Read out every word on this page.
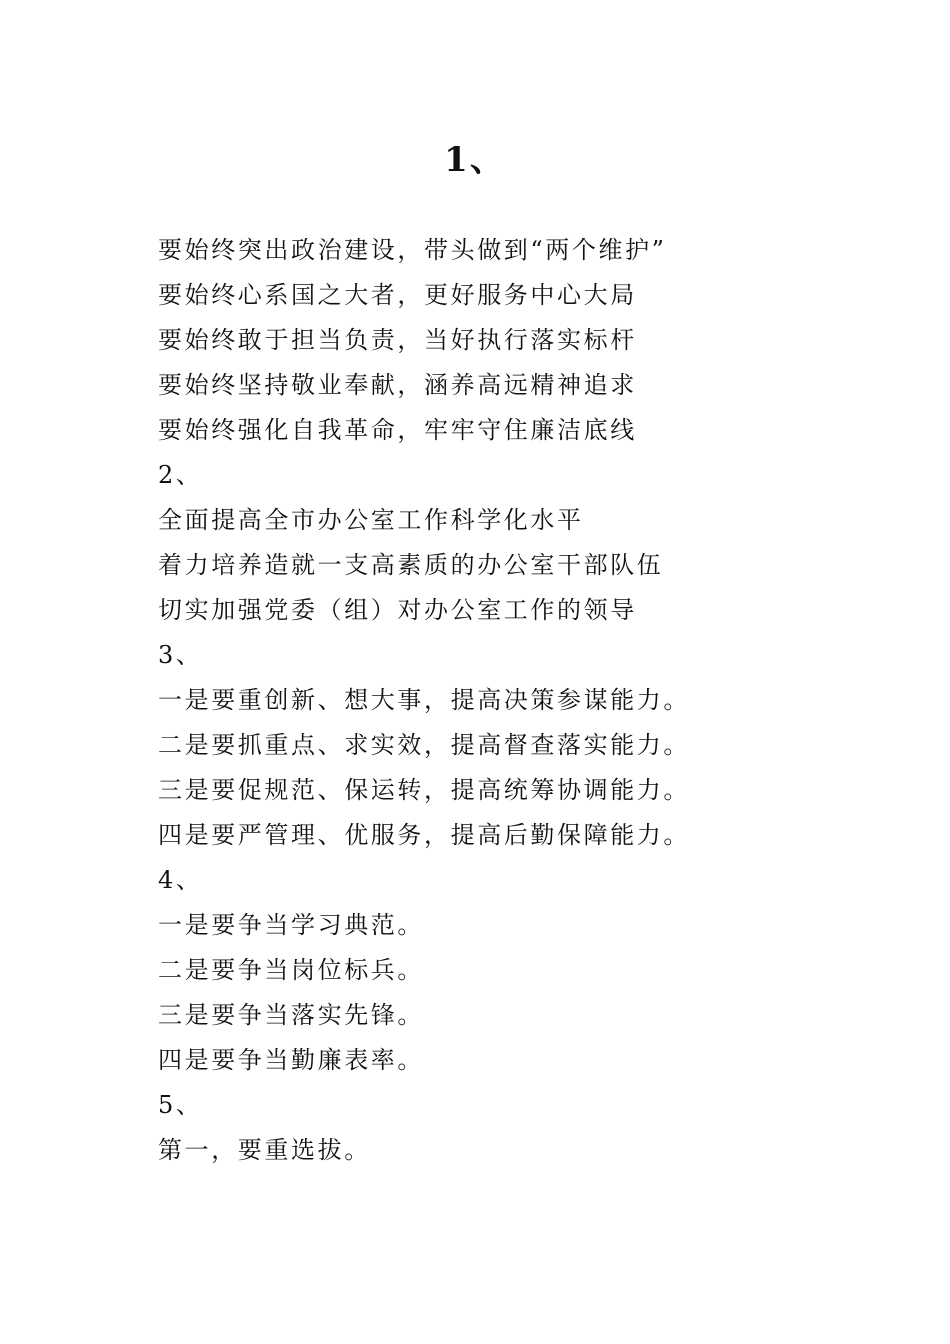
1、
要始终突出政治建设，带头做到“两个维护”
要始终心系国之大者，更好服务中心大局
要始终敢于担当负责，当好执行落实标杆
要始终坚持敬业奉献，涵养高远精神追求
要始终强化自我革命，牢牢守住廉洁底线
2、
全面提高全市办公室工作科学化水平
着力培养造就一支高素质的办公室干部队伍
切实加强党委（组）对办公室工作的领导
3、
一是要重创新、想大事，提高决策参谋能力。
二是要抓重点、求实效，提高督查落实能力。
三是要促规范、保运转，提高统筹协调能力。
四是要严管理、优服务，提高后勤保障能力。
4、
一是要争当学习典范。
二是要争当岗位标兵。
三是要争当落实先锋。
四是要争当勤廉表率。
5、
第一，要重选拔。
